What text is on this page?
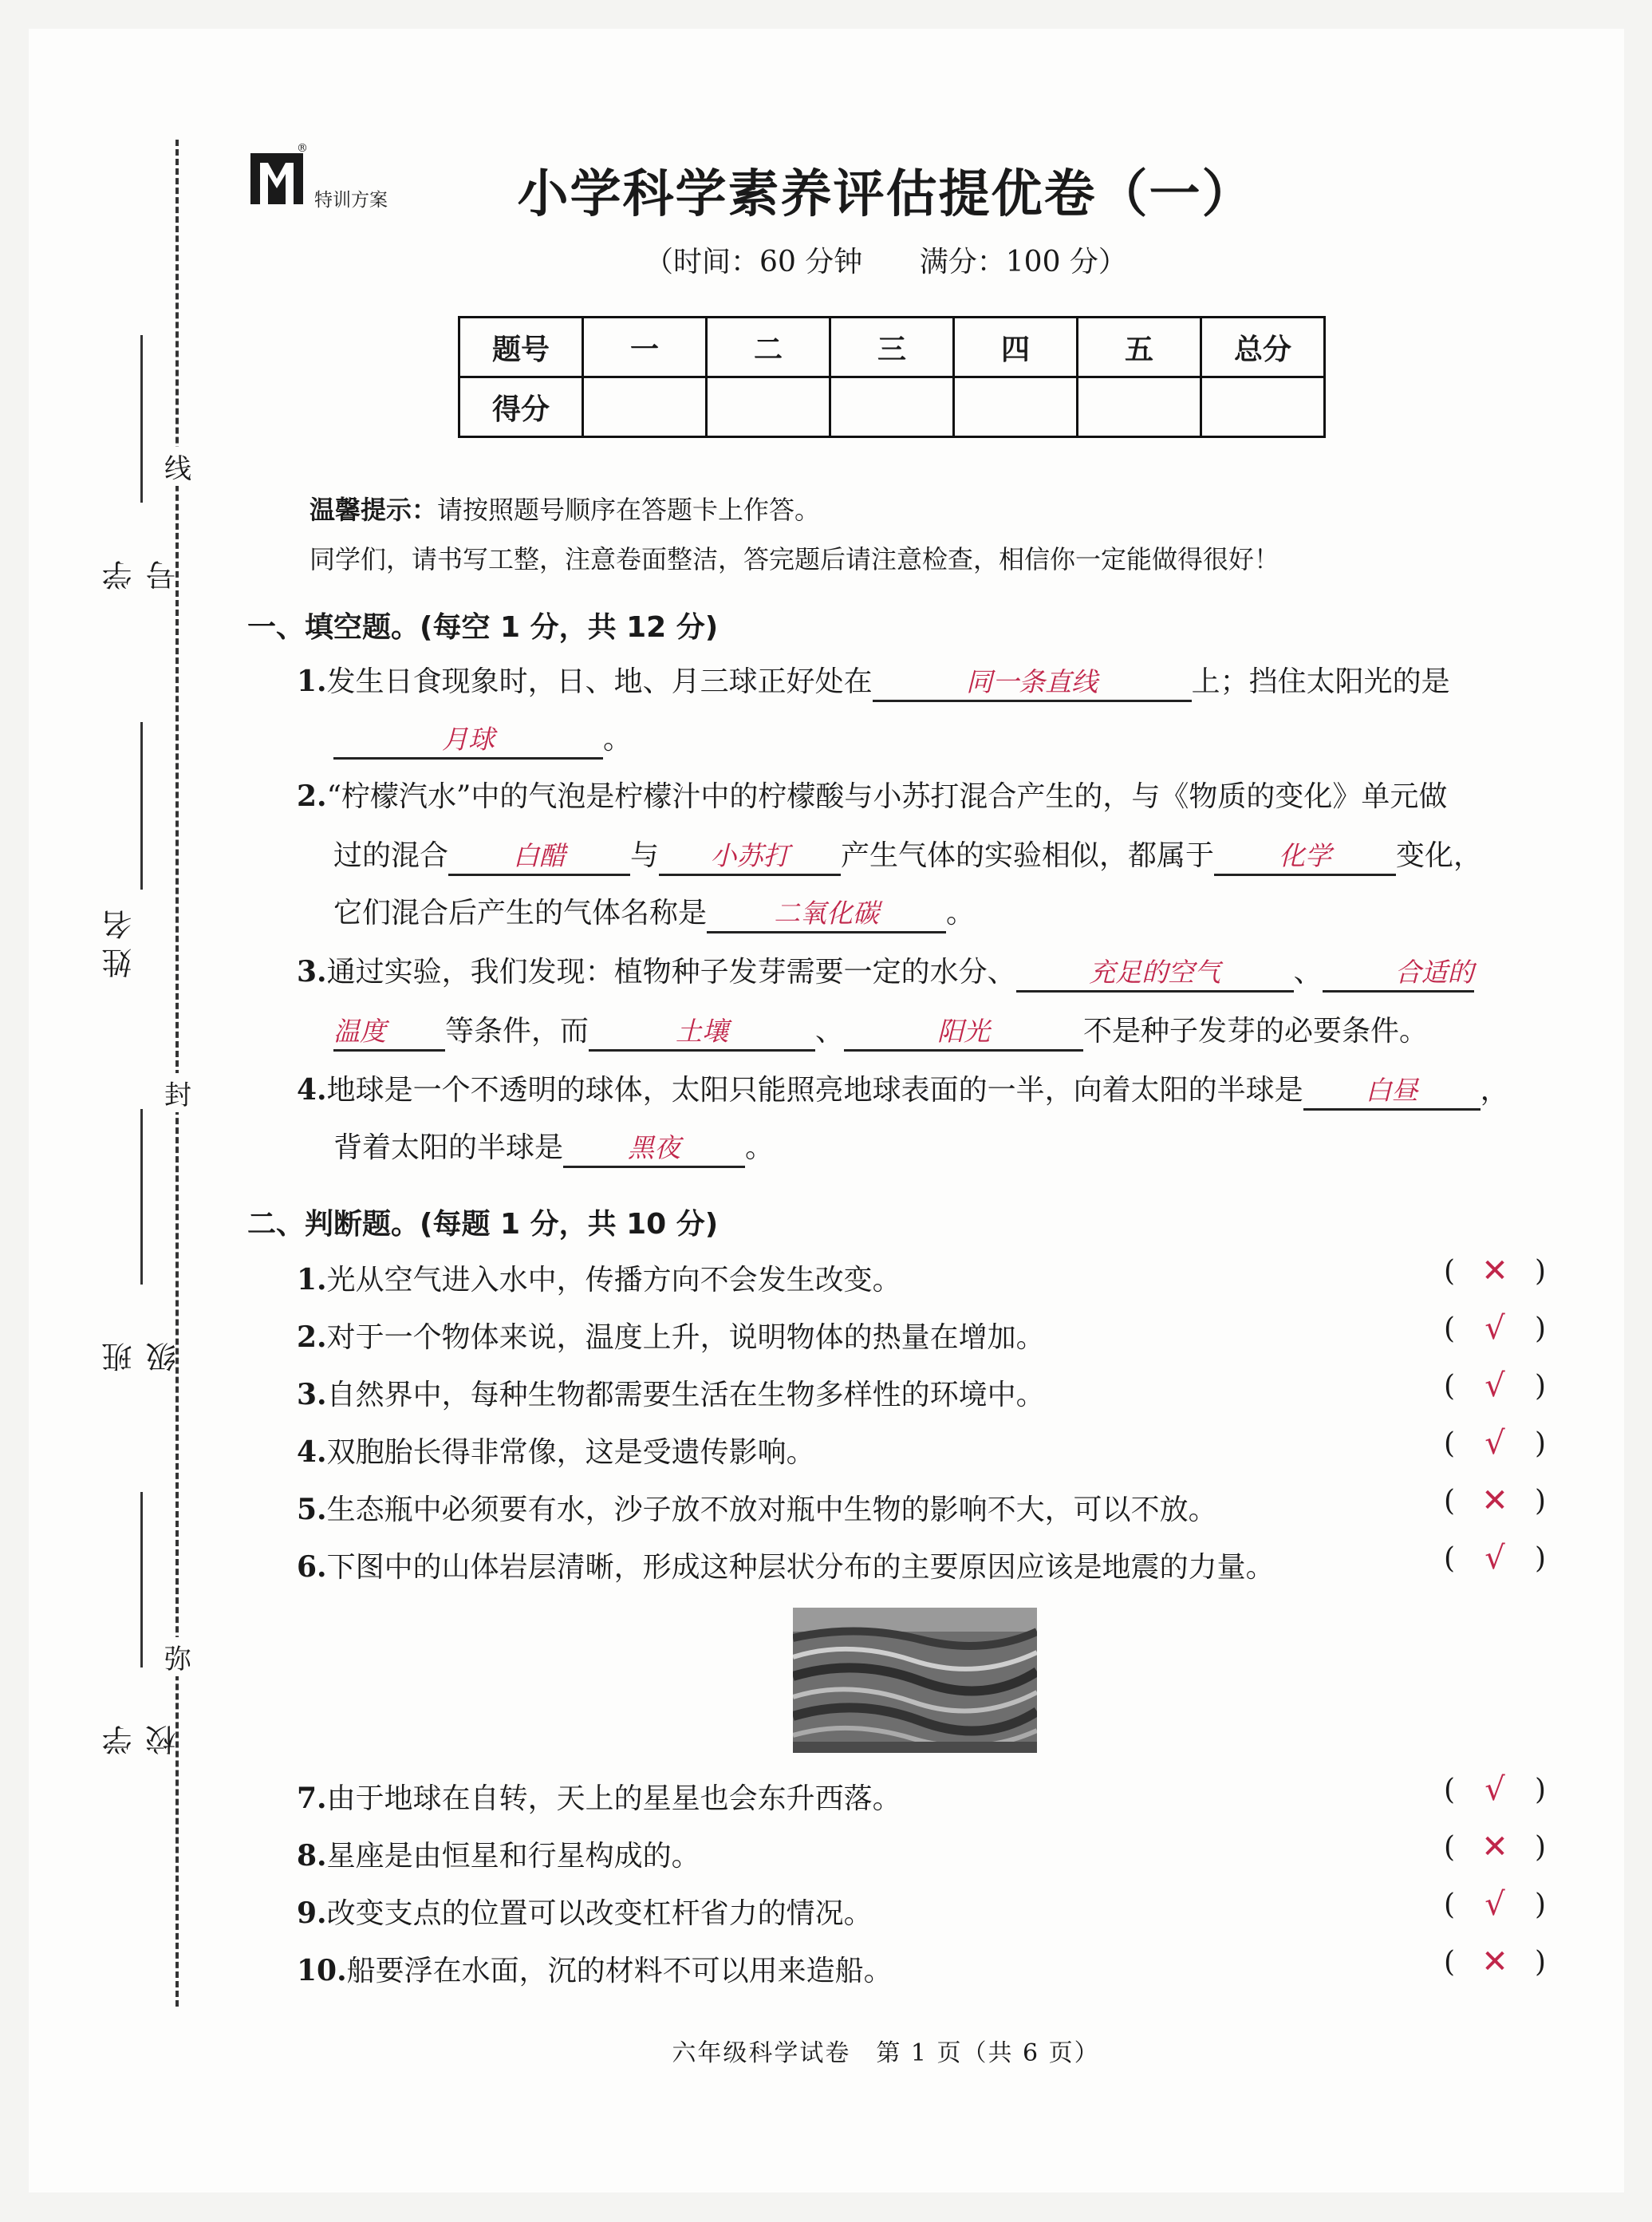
线
封
弥
学号
姓名
班级
学校
®
特训方案	小学科学素养评估提优卷（一）
（时间：60 分钟 满分：100 分）
题号	一	二	三	四	五	总分
得分						
温馨提示：请按照题号顺序在答题卡上作答。
同学们，请书写工整，注意卷面整洁，答完题后请注意检查，相信你一定能做得很好！
一、填空题。(每空 1 分，共 12 分)
1.发生日食现象时，日、地、月三球正好处在	同一条直线	上；挡住太阳光的是
月球	。
2.“柠檬汽水”中的气泡是柠檬汁中的柠檬酸与小苏打混合产生的，与《物质的变化》单元做
过的混合 白醋 与 小苏打 产生气体的实验相似，都属于 化学 变化，
它们混合后产生的气体名称是	二氧化碳 。
3.通过实验，我们发现：植物种子发芽需要一定的水分、	充足的空气	、	合适的
温度 等条件，而	土壤	、	阳光	不是种子发芽的必要条件。
4.地球是一个不透明的球体，太阳只能照亮地球表面的一半，向着太阳的半球是 白昼 ，
背着太阳的半球是 黑夜 。
二、判断题。(每题 1 分，共 10 分)
1.光从空气进入水中，传播方向不会发生改变。	( ✕ )
2.对于一个物体来说，温度上升，说明物体的热量在增加。	( √	)
3.自然界中，每种生物都需要生活在生物多样性的环境中。	( √	)
4.双胞胎长得非常像，这是受遗传影响。	( √	)
5.生态瓶中必须要有水，沙子放不放对瓶中生物的影响不大，可以不放。	( ✕ )
6.下图中的山体岩层清晰，形成这种层状分布的主要原因应该是地震的力量。	( √	)
7.由于地球在自转，天上的星星也会东升西落。	( √	)
8.星座是由恒星和行星构成的。	( ✕ )
9.改变支点的位置可以改变杠杆省力的情况。	( √	)
10.船要浮在水面，沉的材料不可以用来造船。	( ✕ )
六年级科学试卷　第 1 页（共 6 页）
